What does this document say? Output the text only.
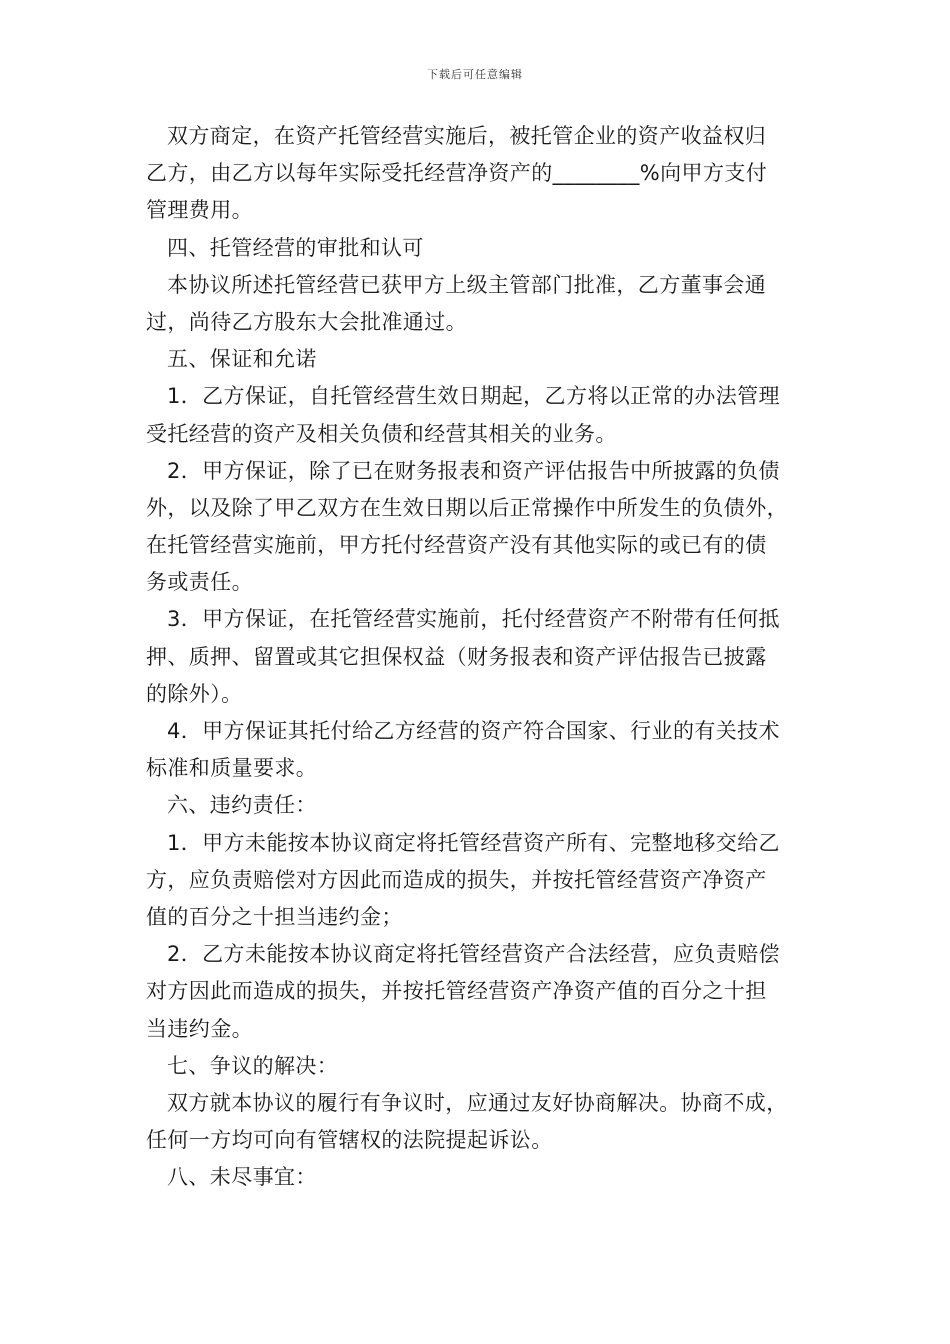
下载后可任意编辑
双方商定，在资产托管经营实施后，被托管企业的资产收益权归
乙方，由乙方以每年实际受托经营净资产的________%向甲方支付
管理费用。
四、托管经营的审批和认可
本协议所述托管经营已获甲方上级主管部门批准，乙方董事会通
过，尚待乙方股东大会批准通过。
五、保证和允诺
1．乙方保证，自托管经营生效日期起，乙方将以正常的办法管理
受托经营的资产及相关负债和经营其相关的业务。
2．甲方保证，除了已在财务报表和资产评估报告中所披露的负债
外，以及除了甲乙双方在生效日期以后正常操作中所发生的负债外，
在托管经营实施前，甲方托付经营资产没有其他实际的或已有的债
务或责任。
3．甲方保证，在托管经营实施前，托付经营资产不附带有任何抵
押、质押、留置或其它担保权益（财务报表和资产评估报告已披露
的除外）。
4．甲方保证其托付给乙方经营的资产符合国家、行业的有关技术
标准和质量要求。
六、违约责任：
1．甲方未能按本协议商定将托管经营资产所有、完整地移交给乙
方，应负责赔偿对方因此而造成的损失，并按托管经营资产净资产
值的百分之十担当违约金；
2．乙方未能按本协议商定将托管经营资产合法经营，应负责赔偿
对方因此而造成的损失，并按托管经营资产净资产值的百分之十担
当违约金。
七、争议的解决：
双方就本协议的履行有争议时，应通过友好协商解决。协商不成，
任何一方均可向有管辖权的法院提起诉讼。
八、未尽事宜：
